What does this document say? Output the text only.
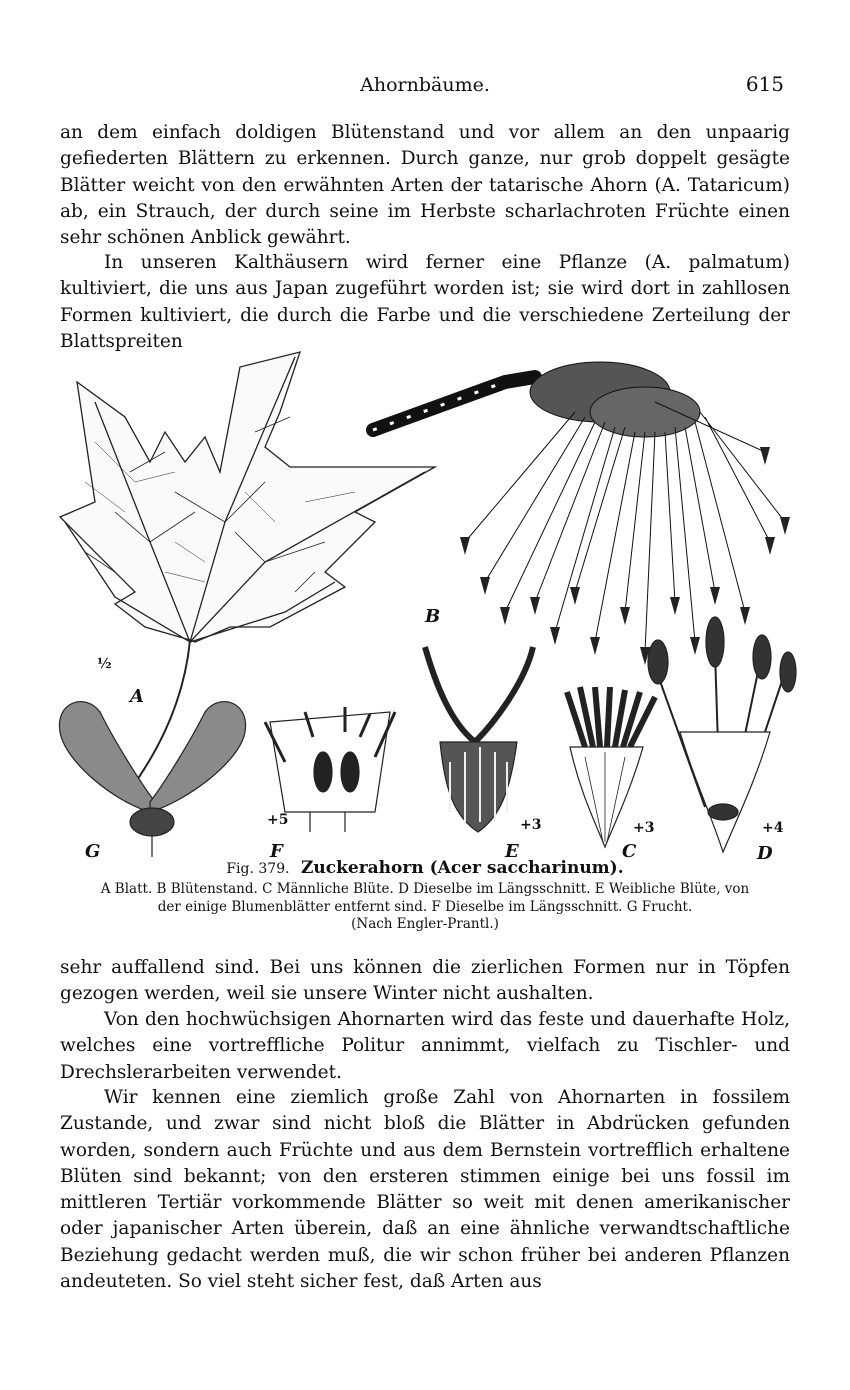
Ahornbäume.	615

an dem einfach doldigen Blütenstand und vor allem an den unpaarig gefiederten Blättern zu erkennen. Durch ganze, nur grob doppelt gesägte Blätter weicht von den erwähnten Arten der tatarische Ahorn (A. Tataricum) ab, ein Strauch, der durch seine im Herbste scharlachroten Früchte einen sehr schönen Anblick gewährt.

In unseren Kalthäusern wird ferner eine Pflanze (A. palmatum) kultiviert, die uns aus Japan zugeführt worden ist; sie wird dort in zahllosen Formen kultiviert, die durch die Farbe und die verschiedene Zerteilung der Blattspreiten

½
A
B
G
+5
F
+3
E
+3
C
+4
D
Fig. 379. Zuckerahorn (Acer saccharinum).
A Blatt. B Blütenstand. C Männliche Blüte. D Dieselbe im Längsschnitt. E Weibliche Blüte, von
der einige Blumenblätter entfernt sind. F Dieselbe im Längsschnitt. G Frucht.
(Nach Engler-Prantl.)

sehr auffallend sind. Bei uns können die zierlichen Formen nur in Töpfen gezogen werden, weil sie unsere Winter nicht aushalten.

Von den hochwüchsigen Ahornarten wird das feste und dauerhafte Holz, welches eine vortreffliche Politur annimmt, vielfach zu Tischler- und Drechslerarbeiten verwendet.

Wir kennen eine ziemlich große Zahl von Ahornarten in fossilem Zustande, und zwar sind nicht bloß die Blätter in Abdrücken gefunden worden, sondern auch Früchte und aus dem Bernstein vortrefflich erhaltene Blüten sind bekannt; von den ersteren stimmen einige bei uns fossil im mittleren Tertiär vorkommende Blätter so weit mit denen amerikanischer oder japanischer Arten überein, daß an eine ähnliche verwandtschaftliche Beziehung gedacht werden muß, die wir schon früher bei anderen Pflanzen andeuteten. So viel steht sicher fest, daß Arten aus
